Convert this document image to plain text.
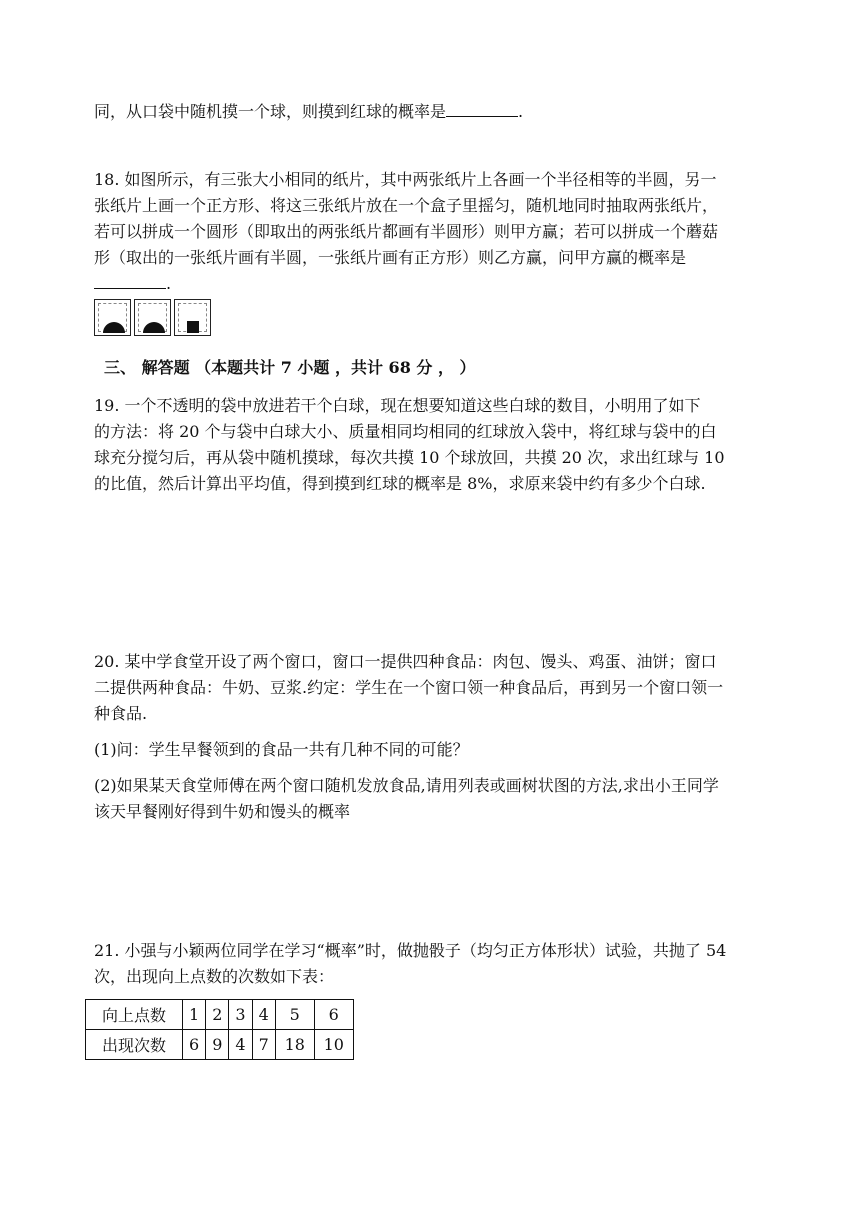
同，从口袋中随机摸一个球，则摸到红球的概率是	.
18. 如图所示，有三张大小相同的纸片，其中两张纸片上各画一个半径相等的半圆，另一
张纸片上画一个正方形、将这三张纸片放在一个盒子里摇匀，随机地同时抽取两张纸片，
若可以拼成一个圆形（即取出的两张纸片都画有半圆形）则甲方赢；若可以拼成一个蘑菇
形（取出的一张纸片画有半圆，一张纸片画有正方形）则乙方赢，问甲方赢的概率是
.
三、 解答题 （本题共计 7 小题 ，共计 68 分 ， ）
19. 一个不透明的袋中放进若干个白球，现在想要知道这些白球的数目，小明用了如下
的方法：将 20 个与袋中白球大小、质量相同均相同的红球放入袋中，将红球与袋中的白
球充分搅匀后，再从袋中随机摸球，每次共摸 10 个球放回，共摸 20 次，求出红球与 10
的比值，然后计算出平均值，得到摸到红球的概率是 8%，求原来袋中约有多少个白球.
20. 某中学食堂开设了两个窗口，窗口一提供四种食品：肉包、馒头、鸡蛋、油饼；窗口
二提供两种食品：牛奶、豆浆.约定：学生在一个窗口领一种食品后，再到另一个窗口领一
种食品.
(1)问：学生早餐领到的食品一共有几种不同的可能？
(2)如果某天食堂师傅在两个窗口随机发放食品,请用列表或画树状图的方法,求出小王同学
该天早餐刚好得到牛奶和馒头的概率
21. 小强与小颖两位同学在学习“概率”时，做抛骰子（均匀正方体形状）试验，共抛了 54
次，出现向上点数的次数如下表：
向上点数	1	2	3	4	5	6
出现次数	6	9	4	7	18	10
